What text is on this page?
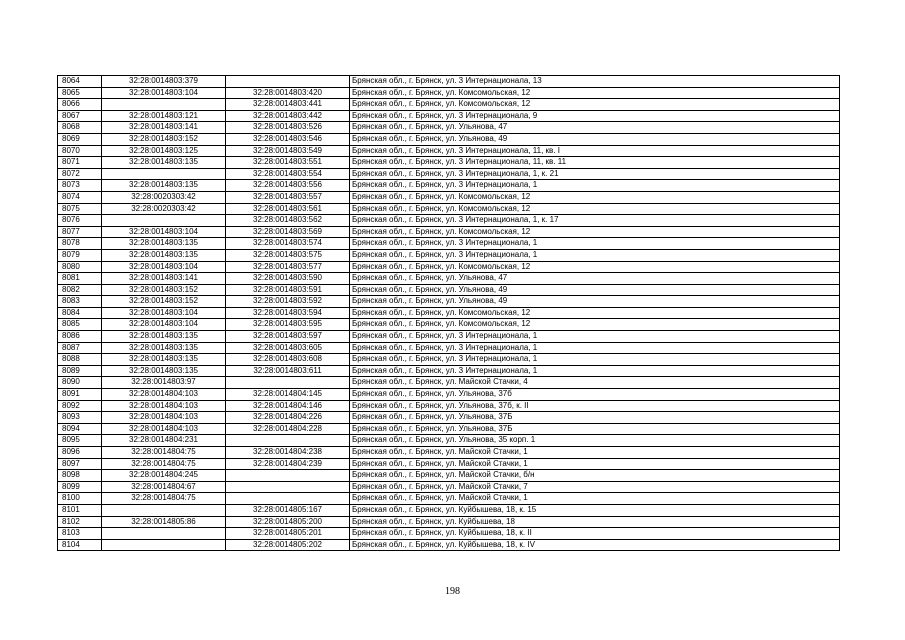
8064	32:28:0014803:379		Брянская обл., г. Брянск, ул. 3 Интернационала, 13
8065	32:28:0014803:104	32:28:0014803:420	Брянская обл., г. Брянск, ул. Комсомольская, 12
8066		32:28:0014803:441	Брянская обл., г. Брянск, ул. Комсомольская, 12
8067	32:28:0014803:121	32:28:0014803:442	Брянская обл., г. Брянск, ул. 3 Интернационала, 9
8068	32:28:0014803:141	32:28:0014803:526	Брянская обл., г. Брянск, ул. Ульянова, 47
8069	32:28:0014803:152	32:28:0014803:546	Брянская обл., г. Брянск, ул. Ульянова, 49
8070	32:28:0014803:125	32:28:0014803:549	Брянская обл., г. Брянск, ул. 3 Интернационала, 11, кв. I
8071	32:28:0014803:135	32:28:0014803:551	Брянская обл., г. Брянск, ул. 3 Интернационала, 11, кв. 11
8072		32:28:0014803:554	Брянская обл., г. Брянск, ул. 3 Интернационала, 1, к. 21
8073	32:28:0014803:135	32:28:0014803:556	Брянская обл., г. Брянск, ул. 3 Интернационала, 1
8074	32:28:0020303:42	32:28:0014803:557	Брянская обл., г. Брянск, ул. Комсомольская, 12
8075	32:28:0020303:42	32:28:0014803:561	Брянская обл., г. Брянск, ул. Комсомольская, 12
8076		32:28:0014803:562	Брянская обл., г. Брянск, ул. 3 Интернационала, 1, к. 17
8077	32:28:0014803:104	32:28:0014803:569	Брянская обл., г. Брянск, ул. Комсомольская, 12
8078	32:28:0014803:135	32:28:0014803:574	Брянская обл., г. Брянск, ул. 3 Интернационала, 1
8079	32:28:0014803:135	32:28:0014803:575	Брянская обл., г. Брянск, ул. 3 Интернационала, 1
8080	32:28:0014803:104	32:28:0014803:577	Брянская обл., г. Брянск, ул. Комсомольская, 12
8081	32:28:0014803:141	32:28:0014803:590	Брянская обл., г. Брянск, ул. Ульянова, 47
8082	32:28:0014803:152	32:28:0014803:591	Брянская обл., г. Брянск, ул. Ульянова, 49
8083	32:28:0014803:152	32:28:0014803:592	Брянская обл., г. Брянск, ул. Ульянова, 49
8084	32:28:0014803:104	32:28:0014803:594	Брянская обл., г. Брянск, ул. Комсомольская, 12
8085	32:28:0014803:104	32:28:0014803:595	Брянская обл., г. Брянск, ул. Комсомольская, 12
8086	32:28:0014803:135	32:28:0014803:597	Брянская обл., г. Брянск, ул. 3 Интернационала, 1
8087	32:28:0014803:135	32:28:0014803:605	Брянская обл., г. Брянск, ул. 3 Интернационала, 1
8088	32:28:0014803:135	32:28:0014803:608	Брянская обл., г. Брянск, ул. 3 Интернационала, 1
8089	32:28:0014803:135	32:28:0014803:611	Брянская обл., г. Брянск, ул. 3 Интернационала, 1
8090	32:28:0014803:97		Брянская обл., г. Брянск, ул. Майской Стачки, 4
8091	32:28:0014804:103	32:28:0014804:145	Брянская обл., г. Брянск, ул. Ульянова, 37б
8092	32:28:0014804:103	32:28:0014804:146	Брянская обл., г. Брянск, ул. Ульянова, 37б, к. II
8093	32:28:0014804:103	32:28:0014804:226	Брянская обл., г. Брянск, ул. Ульянова, 37Б
8094	32:28:0014804:103	32:28:0014804:228	Брянская обл., г. Брянск, ул. Ульянова, 37Б
8095	32:28:0014804:231		Брянская обл., г. Брянск, ул. Ульянова, 35 корп. 1
8096	32:28:0014804:75	32:28:0014804:238	Брянская обл., г. Брянск, ул. Майской Стачки, 1
8097	32:28:0014804:75	32:28:0014804:239	Брянская обл., г. Брянск, ул. Майской Стачки, 1
8098	32:28:0014804:245		Брянская обл., г. Брянск, ул. Майской Стачки, б/н
8099	32:28:0014804:67		Брянская обл., г. Брянск, ул. Майской Стачки, 7
8100	32:28:0014804:75		Брянская обл., г. Брянск, ул. Майской Стачки, 1
8101		32:28:0014805:167	Брянская обл., г. Брянск, ул. Куйбышева, 18, к. 15
8102	32:28:0014805:86	32:28:0014805:200	Брянская обл., г. Брянск, ул. Куйбышева, 18
8103		32:28:0014805:201	Брянская обл., г. Брянск, ул. Куйбышева, 18, к. II
8104		32:28:0014805:202	Брянская обл., г. Брянск, ул. Куйбышева, 18, к. IV
198
